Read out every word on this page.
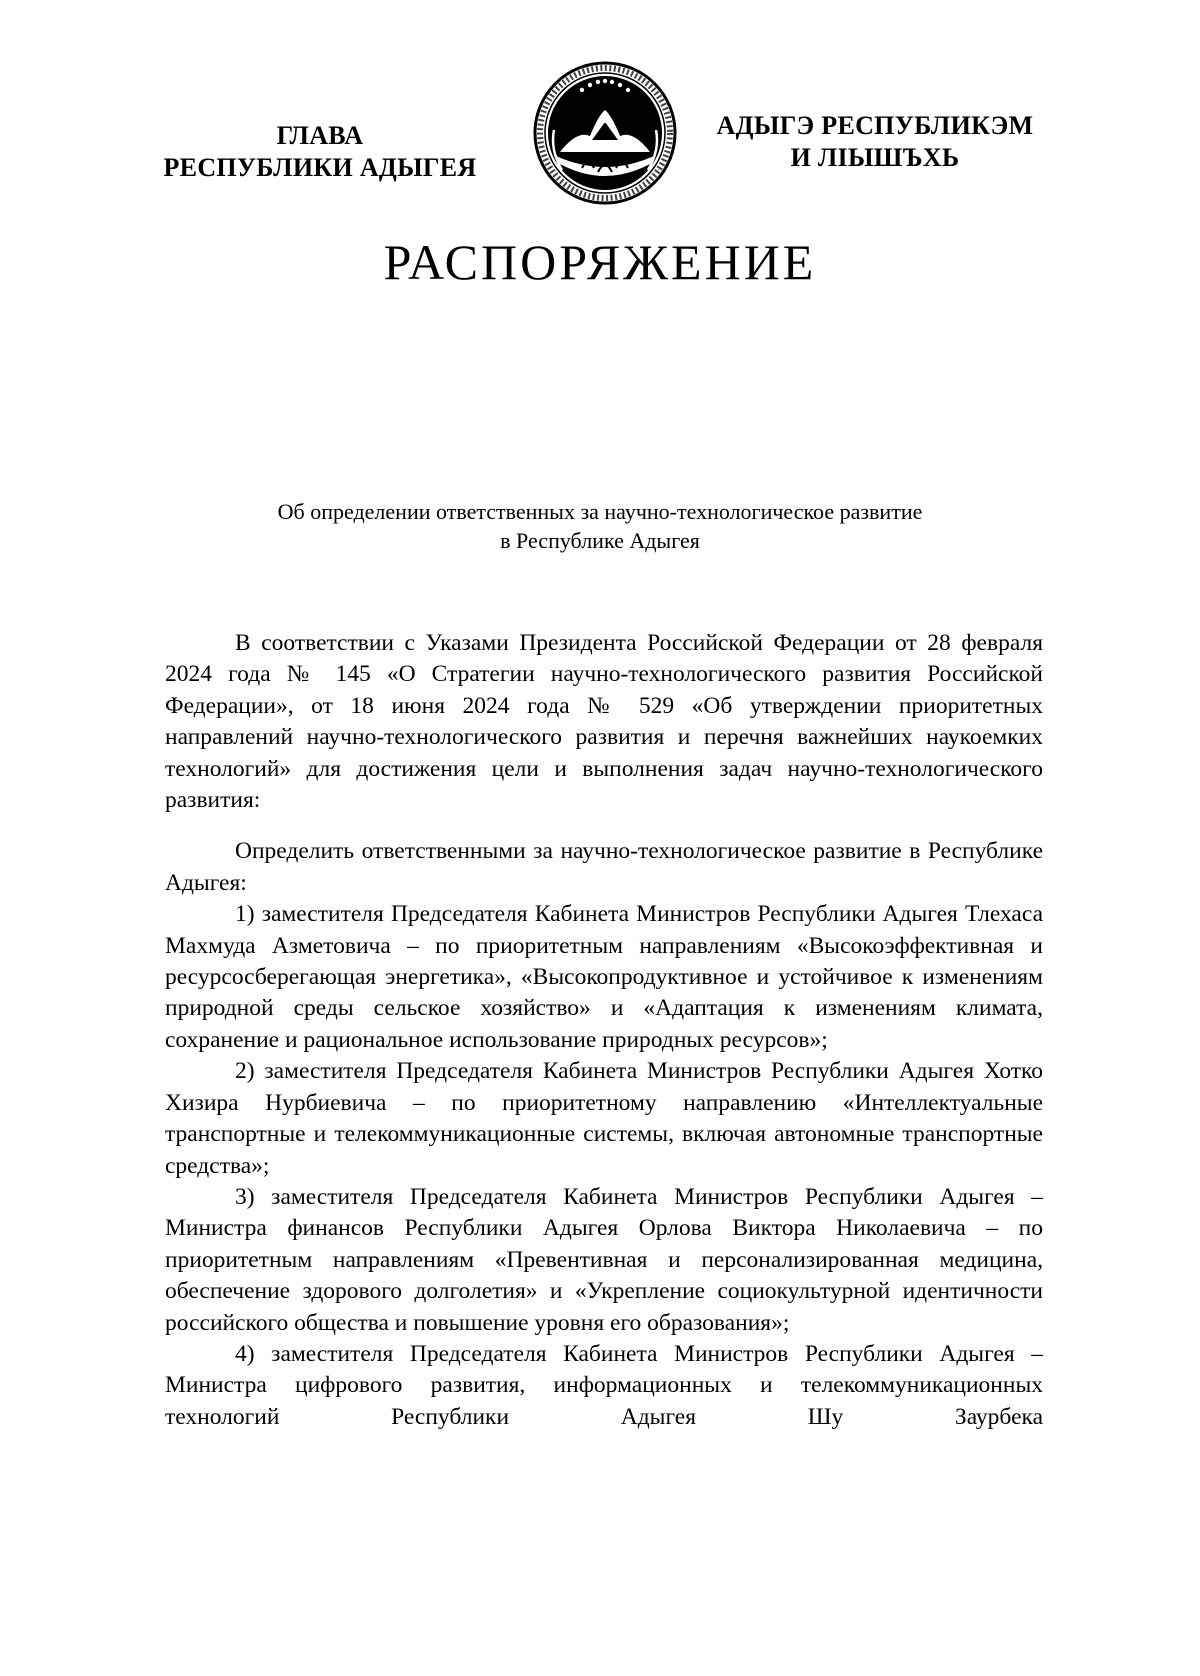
ГЛАВА
РЕСПУБЛИКИ АДЫГЕЯ
АДЫГЭ РЕСПУБЛИКЭМ
И ЛІЫШЪХЬ
РАСПОРЯЖЕНИЕ
Об определении ответственных за научно-технологическое развитие
в Республике Адыгея

В соответствии с Указами Президента Российской Федерации от 28 февраля 2024 года № 145 «О Стратегии научно-технологического развития Российской Федерации», от 18 июня 2024 года № 529 «Об утверждении приоритетных направлений научно-технологического развития и перечня важнейших наукоемких технологий» для достижения цели и выполнения задач научно-технологического развития:

Определить ответственными за научно-технологическое развитие в Республике Адыгея:

1) заместителя Председателя Кабинета Министров Республики Адыгея Тлехаса Махмуда Азметовича – по приоритетным направлениям «Высокоэффективная и ресурсосберегающая энергетика», «Высокопродуктивное и устойчивое к изменениям природной среды сельское хозяйство» и «Адаптация к изменениям климата, сохранение и рациональное использование природных ресурсов»;

2) заместителя Председателя Кабинета Министров Республики Адыгея Хотко Хизира Нурбиевича – по приоритетному направлению «Интеллектуальные транспортные и телекоммуникационные системы, включая автономные транспортные средства»;

3) заместителя Председателя Кабинета Министров Республики Адыгея – Министра финансов Республики Адыгея Орлова Виктора Николаевича – по приоритетным направлениям «Превентивная и персонализированная медицина, обеспечение здорового долголетия» и «Укрепление социокультурной идентичности российского общества и повышение уровня его образования»;

4) заместителя Председателя Кабинета Министров Республики Адыгея – Министра цифрового развития, информационных и телекоммуникационных технологий Республики Адыгея Шу Заурбека
